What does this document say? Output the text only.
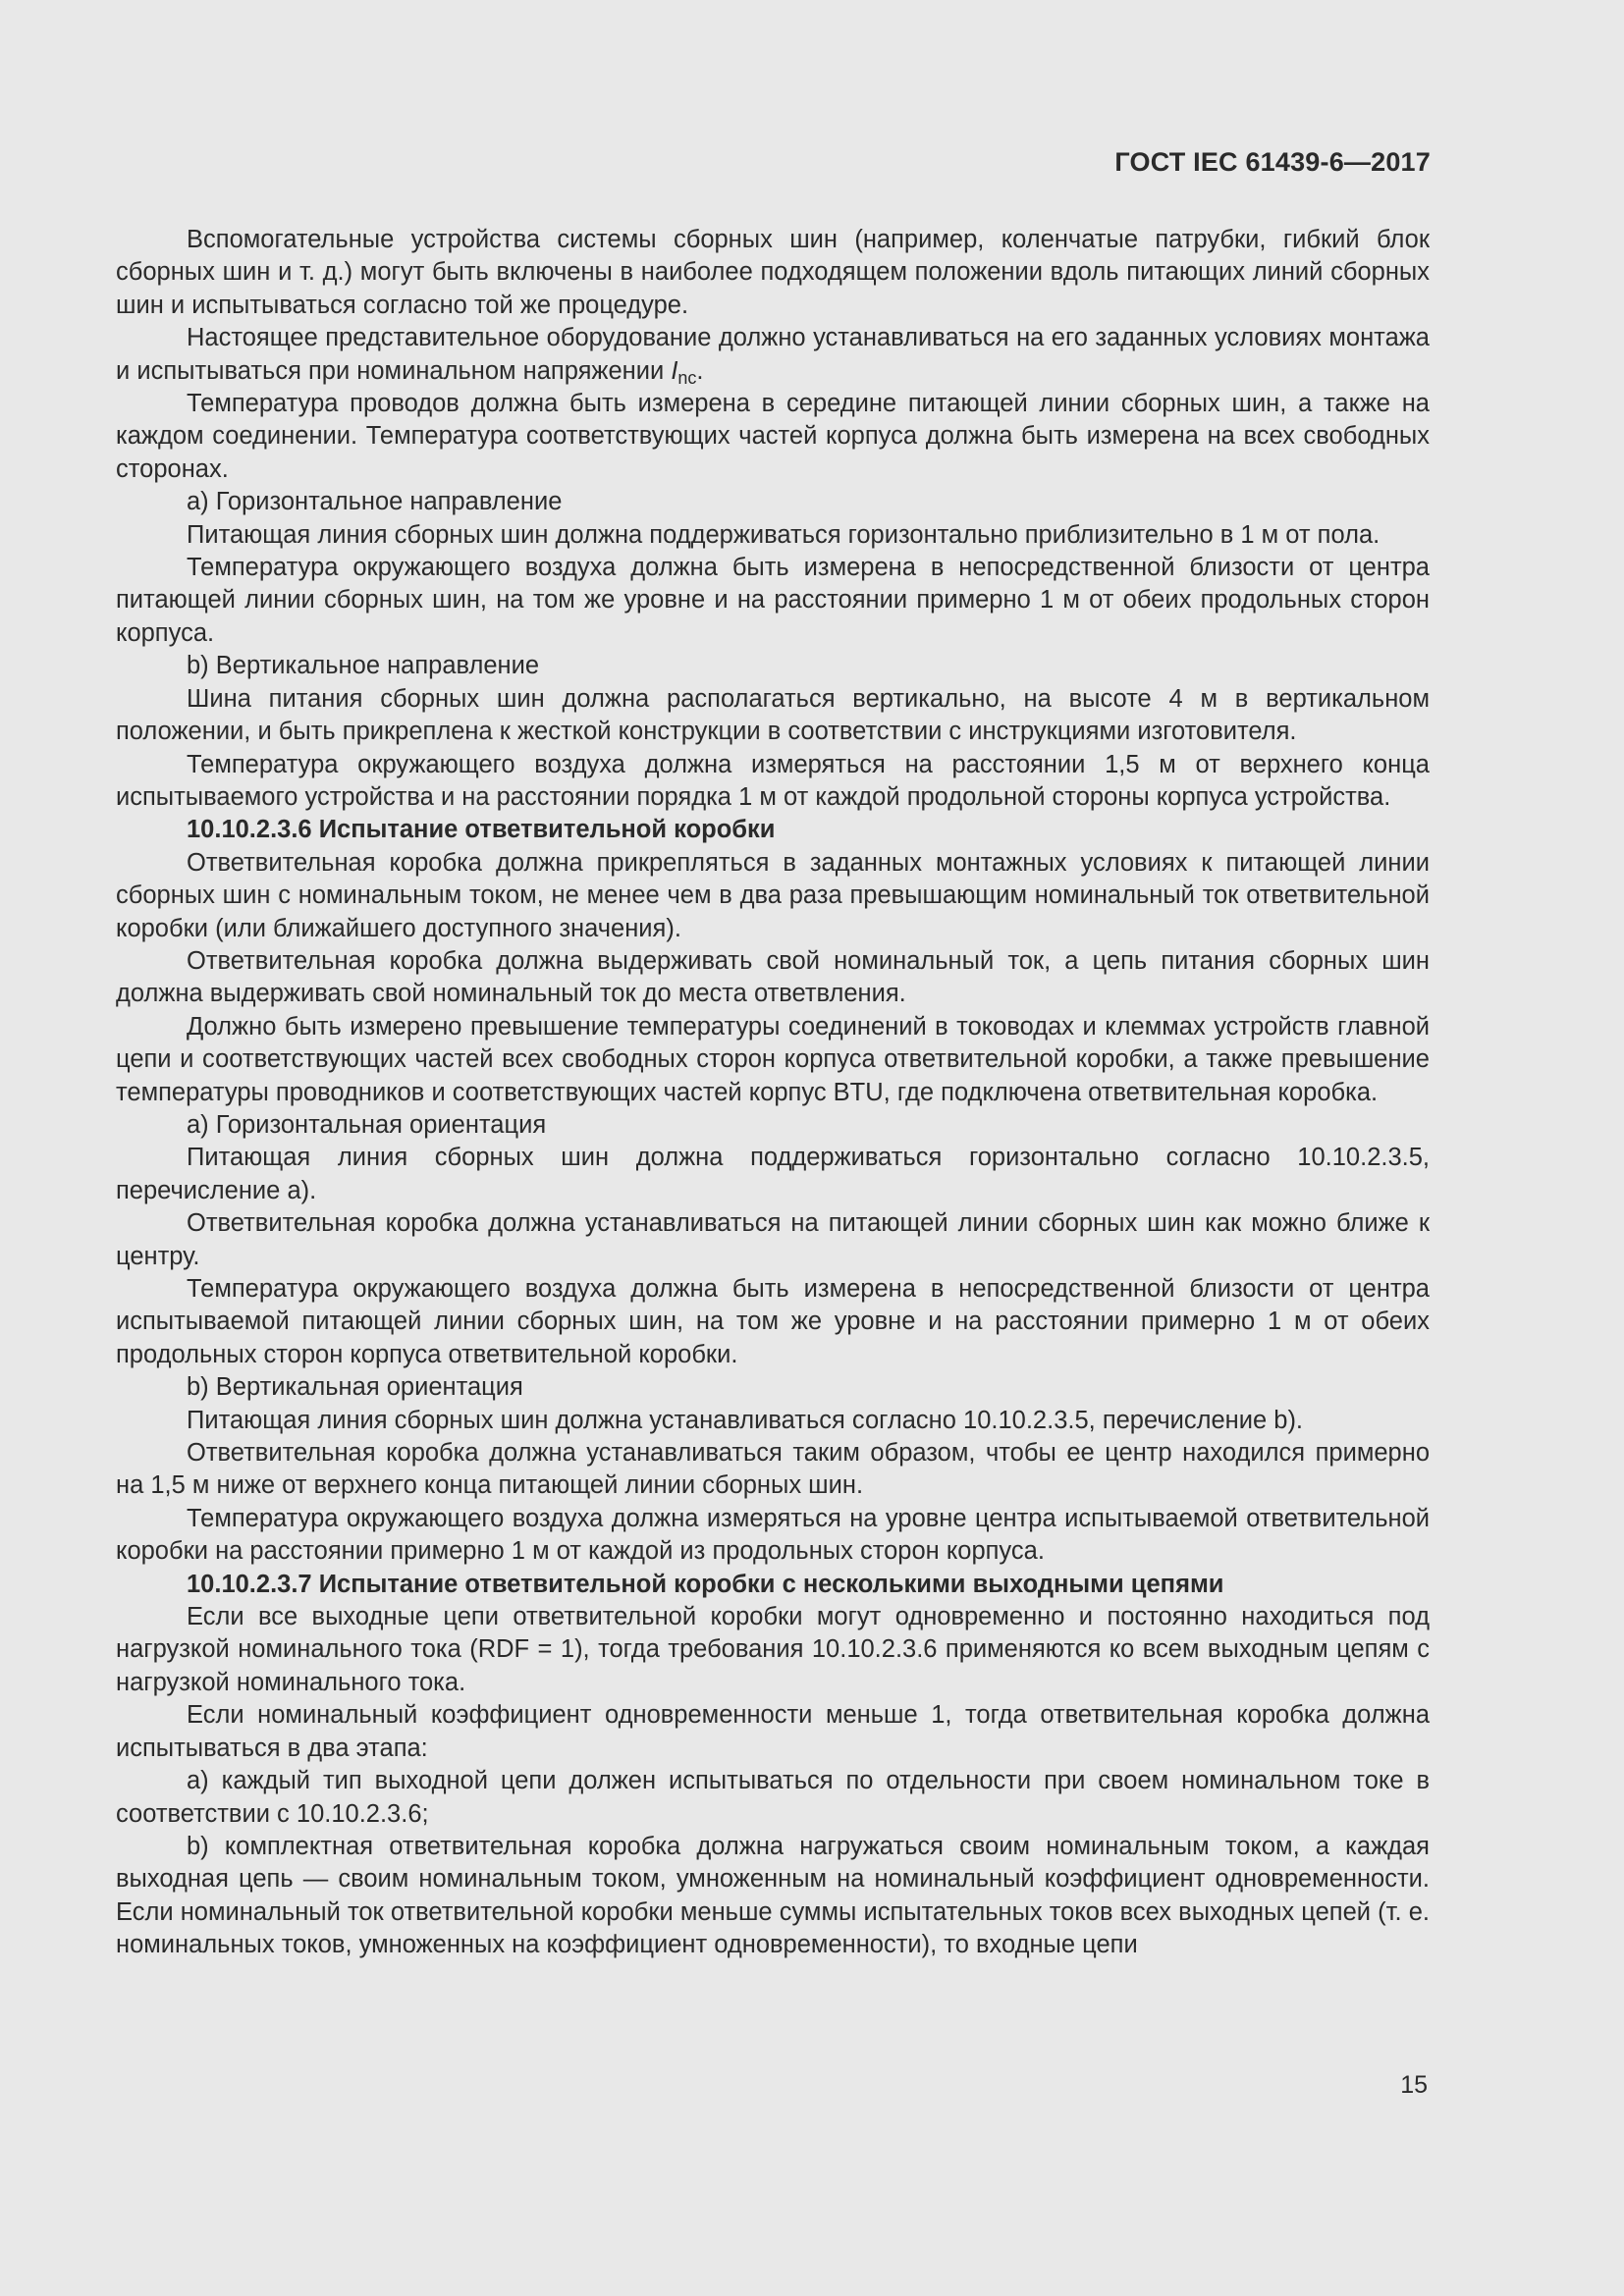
ГОСТ IEC 61439-6—2017

Вспомогательные устройства системы сборных шин (например, коленчатые патрубки, гибкий блок сборных шин и т. д.) могут быть включены в наиболее подходящем положении вдоль питающих линий сборных шин и испытываться согласно той же процедуре.

Настоящее представительное оборудование должно устанавливаться на его заданных условиях монтажа и испытываться при номинальном напряжении $I_{nc}$.

Температура проводов должна быть измерена в середине питающей линии сборных шин, а также на каждом соединении. Температура соответствующих частей корпуса должна быть измерена на всех свободных сторонах.

а) Горизонтальное направление

Питающая линия сборных шин должна поддерживаться горизонтально приблизительно в 1 м от пола.

Температура окружающего воздуха должна быть измерена в непосредственной близости от центра питающей линии сборных шин, на том же уровне и на расстоянии примерно 1 м от обеих продольных сторон корпуса.

b) Вертикальное направление

Шина питания сборных шин должна располагаться вертикально, на высоте 4 м в вертикальном положении, и быть прикреплена к жесткой конструкции в соответствии с инструкциями изготовителя.

Температура окружающего воздуха должна измеряться на расстоянии 1,5 м от верхнего конца испытываемого устройства и на расстоянии порядка 1 м от каждой продольной стороны корпуса устройства.

10.10.2.3.6 Испытание ответвительной коробки

Ответвительная коробка должна прикрепляться в заданных монтажных условиях к питающей линии сборных шин с номинальным током, не менее чем в два раза превышающим номинальный ток ответвительной коробки (или ближайшего доступного значения).

Ответвительная коробка должна выдерживать свой номинальный ток, а цепь питания сборных шин должна выдерживать свой номинальный ток до места ответвления.

Должно быть измерено превышение температуры соединений в тоководах и клеммах устройств главной цепи и соответствующих частей всех свободных сторон корпуса ответвительной коробки, а также превышение температуры проводников и соответствующих частей корпус BTU, где подключена ответвительная коробка.

а) Горизонтальная ориентация

Питающая линия сборных шин должна поддерживаться горизонтально согласно 10.10.2.3.5, перечисление а).

Ответвительная коробка должна устанавливаться на питающей линии сборных шин как можно ближе к центру.

Температура окружающего воздуха должна быть измерена в непосредственной близости от центра испытываемой питающей линии сборных шин, на том же уровне и на расстоянии примерно 1 м от обеих продольных сторон корпуса ответвительной коробки.

b) Вертикальная ориентация

Питающая линия сборных шин должна устанавливаться согласно 10.10.2.3.5, перечисление b).

Ответвительная коробка должна устанавливаться таким образом, чтобы ее центр находился примерно на 1,5 м ниже от верхнего конца питающей линии сборных шин.

Температура окружающего воздуха должна измеряться на уровне центра испытываемой ответвительной коробки на расстоянии примерно 1 м от каждой из продольных сторон корпуса.

10.10.2.3.7 Испытание ответвительной коробки с несколькими выходными цепями

Если все выходные цепи ответвительной коробки могут одновременно и постоянно находиться под нагрузкой номинального тока (RDF = 1), тогда требования 10.10.2.3.6 применяются ко всем выходным цепям с нагрузкой номинального тока.

Если номинальный коэффициент одновременности меньше 1, тогда ответвительная коробка должна испытываться в два этапа:

а) каждый тип выходной цепи должен испытываться по отдельности при своем номинальном токе в соответствии с 10.10.2.3.6;

b) комплектная ответвительная коробка должна нагружаться своим номинальным током, а каждая выходная цепь — своим номинальным током, умноженным на номинальный коэффициент одновременности. Если номинальный ток ответвительной коробки меньше суммы испытательных токов всех выходных цепей (т. е. номинальных токов, умноженных на коэффициент одновременности), то входные цепи

15
